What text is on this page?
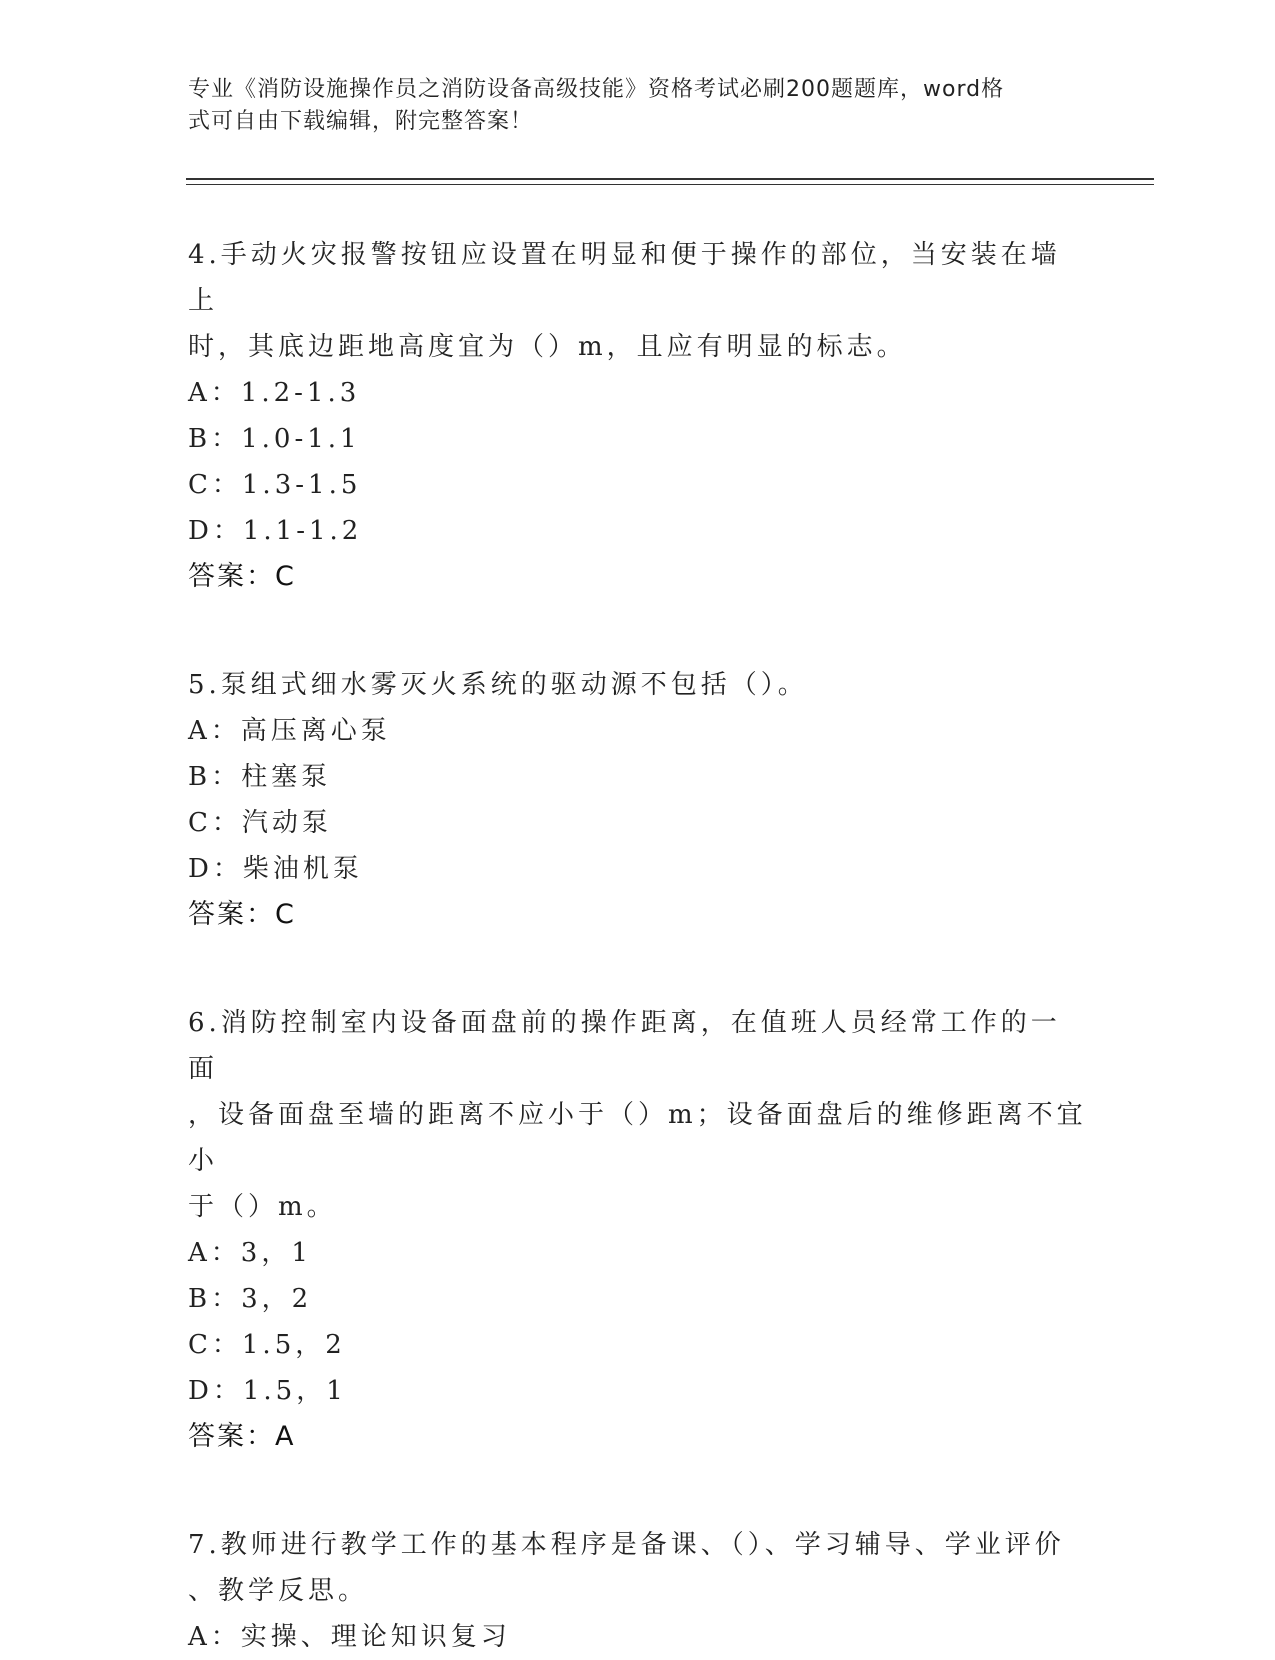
专业《消防设施操作员之消防设备高级技能》资格考试必刷200题题库，word格
式可自由下载编辑，附完整答案！

4.手动火灾报警按钮应设置在明显和便于操作的部位，当安装在墙上

时，其底边距地高度宜为（）m，且应有明显的标志。

A：1.2-1.3

B：1.0-1.1

C：1.3-1.5

D：1.1-1.2

答案：C

5.泵组式细水雾灭火系统的驱动源不包括（）。

A：高压离心泵

B：柱塞泵

C：汽动泵

D：柴油机泵

答案：C

6.消防控制室内设备面盘前的操作距离，在值班人员经常工作的一面

，设备面盘至墙的距离不应小于（）m；设备面盘后的维修距离不宜小

于（）m。

A：3，1

B：3，2

C：1.5，2

D：1.5，1

答案：A

7.教师进行教学工作的基本程序是备课、（）、学习辅导、学业评价

、教学反思。

A：实操、理论知识复习
